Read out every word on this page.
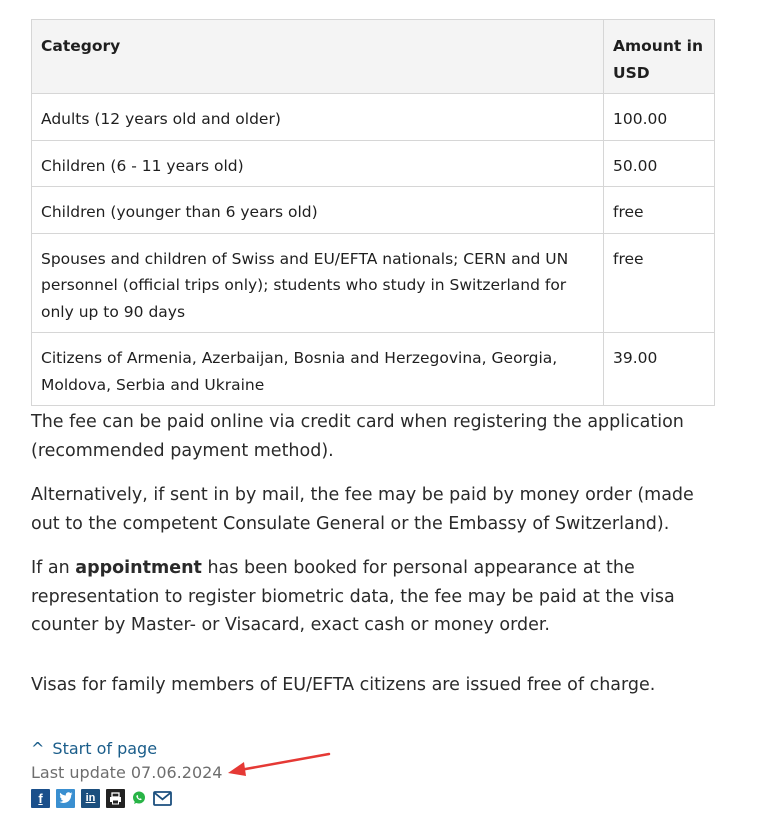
Category	Amount in USD
Adults (12 years old and older)	100.00
Children (6 - 11 years old)	50.00
Children (younger than 6 years old)	free
Spouses and children of Swiss and EU/EFTA nationals; CERN and UN personnel (official trips only); students who study in Switzerland for only up to 90 days	free
Citizens of Armenia, Azerbaijan, Bosnia and Herzegovina, Georgia, Moldova, Serbia and Ukraine	39.00

The fee can be paid online via credit card when registering the application (recommended payment method).

Alternatively, if sent in by mail, the fee may be paid by money order (made out to the competent Consulate General or the Embassy of Switzerland).

If an appointment has been booked for personal appearance at the representation to register biometric data, the fee may be paid at the visa counter by Master- or Visacard, exact cash or money order.

Visas for family members of EU/EFTA citizens are issued free of charge.

^ Start of page
Last update 07.06.2024
f	in
